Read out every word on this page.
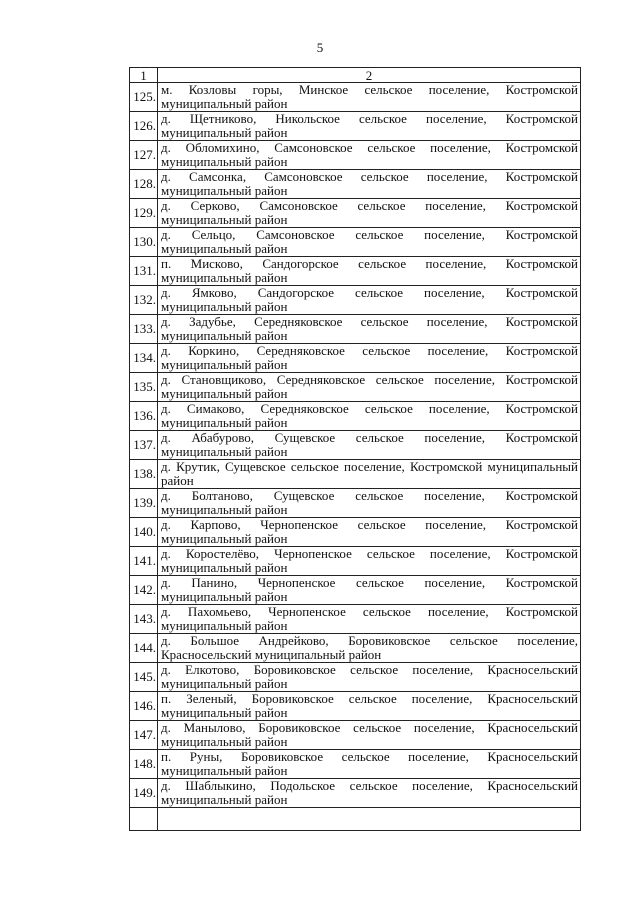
5
1	2
125.	м. Козловы горы, Минское сельское поселение, Костромской
муниципальный район

126.	д. Щетниково, Никольское сельское поселение, Костромской
муниципальный район

127.	д. Обломихино, Самсоновское сельское поселение, Костромской
муниципальный район

128.	д. Самсонка, Самсоновское сельское поселение, Костромской
муниципальный район

129.	д. Серково, Самсоновское сельское поселение, Костромской
муниципальный район

130.	д. Сельцо, Самсоновское сельское поселение, Костромской
муниципальный район

131.	п. Мисково, Сандогорское сельское поселение, Костромской
муниципальный район

132.	д. Ямково, Сандогорское сельское поселение, Костромской
муниципальный район

133.	д. Задубье, Середняковское сельское поселение, Костромской
муниципальный район

134.	д. Коркино, Середняковское сельское поселение, Костромской
муниципальный район

135.	д. Становщиково, Середняковское сельское поселение, Костромской
муниципальный район

136.	д. Симаково, Середняковское сельское поселение, Костромской
муниципальный район

137.	д. Абабурово, Сущевское сельское поселение, Костромской
муниципальный район

138.	д. Крутик, Сущевское сельское поселение, Костромской муниципальный
район

139.	д. Болтаново, Сущевское сельское поселение, Костромской
муниципальный район

140.	д. Карпово, Чернопенское сельское поселение, Костромской
муниципальный район

141.	д. Коростелёво, Чернопенское сельское поселение, Костромской
муниципальный район

142.	д. Панино, Чернопенское сельское поселение, Костромской
муниципальный район

143.	д. Пахомьево, Чернопенское сельское поселение, Костромской
муниципальный район

144.	д. Большое Андрейково, Боровиковское сельское поселение,
Красносельский муниципальный район

145.	д. Елкотово, Боровиковское сельское поселение, Красносельский
муниципальный район

146.	п. Зеленый, Боровиковское сельское поселение, Красносельский
муниципальный район

147.	д. Манылово, Боровиковское сельское поселение, Красносельский
муниципальный район

148.	п. Руны, Боровиковское сельское поселение, Красносельский
муниципальный район

149.	д. Шаблыкино, Подольское сельское поселение, Красносельский
муниципальный район
